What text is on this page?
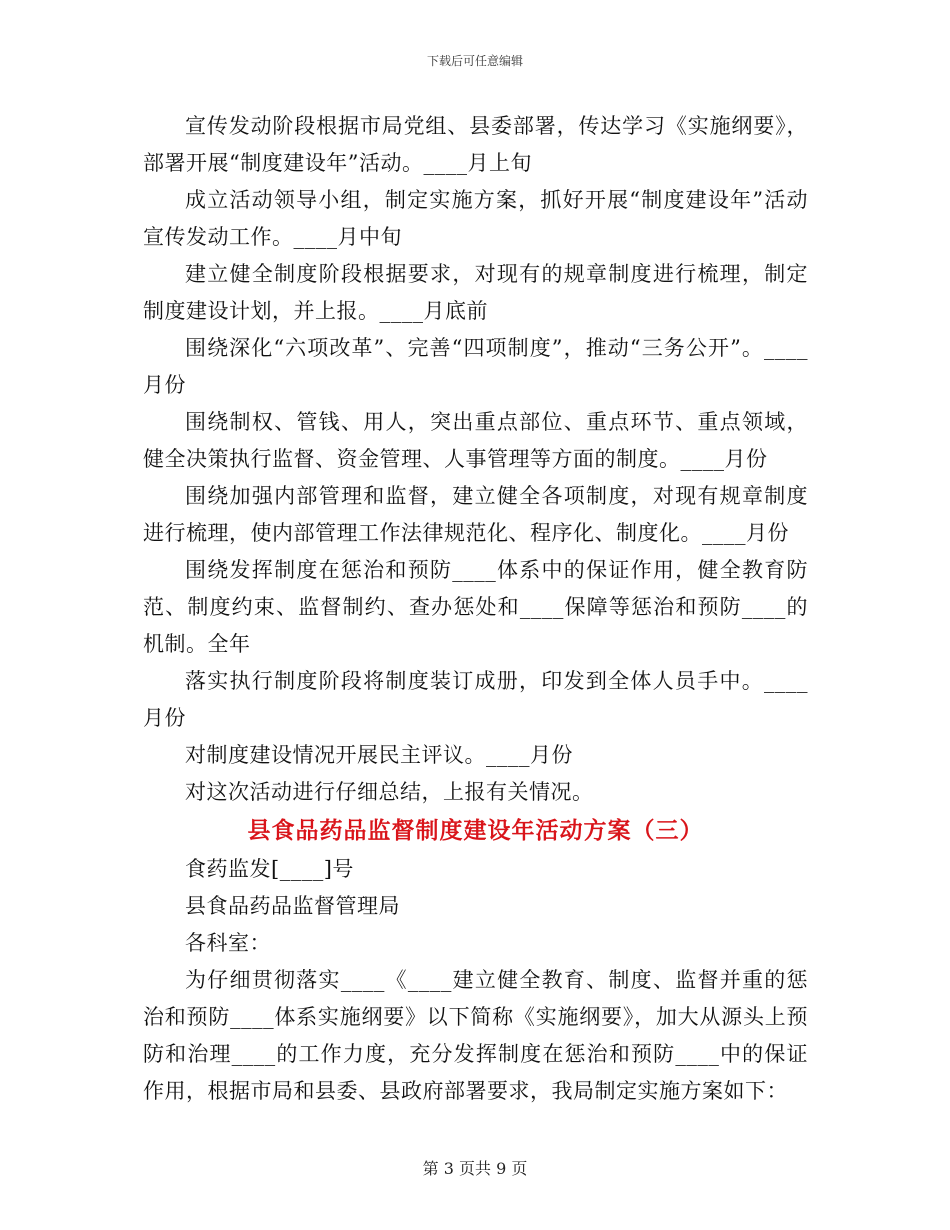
下载后可任意编辑

宣传发动阶段根据市局党组、县委部署，传达学习《实施纲要》，部署开展“制度建设年”活动。____月上旬

成立活动领导小组，制定实施方案，抓好开展“制度建设年”活动宣传发动工作。____月中旬

建立健全制度阶段根据要求，对现有的规章制度进行梳理，制定制度建设计划，并上报。____月底前

围绕深化“六项改革”、完善“四项制度”，推动“三务公开”。____月份

围绕制权、管钱、用人，突出重点部位、重点环节、重点领域，健全决策执行监督、资金管理、人事管理等方面的制度。____月份

围绕加强内部管理和监督，建立健全各项制度，对现有规章制度进行梳理，使内部管理工作法律规范化、程序化、制度化。____月份

围绕发挥制度在惩治和预防____体系中的保证作用，健全教育防范、制度约束、监督制约、查办惩处和____保障等惩治和预防____的机制。全年

落实执行制度阶段将制度装订成册，印发到全体人员手中。____月份

对制度建设情况开展民主评议。____月份

对这次活动进行仔细总结，上报有关情况。

县食品药品监督制度建设年活动方案（三）

食药监发[____]号

县食品药品监督管理局

各科室：

为仔细贯彻落实____《____建立健全教育、制度、监督并重的惩治和预防____体系实施纲要》以下简称《实施纲要》，加大从源头上预防和治理____的工作力度，充分发挥制度在惩治和预防____中的保证作用，根据市局和县委、县政府部署要求，我局制定实施方案如下：

第 3 页共 9 页
